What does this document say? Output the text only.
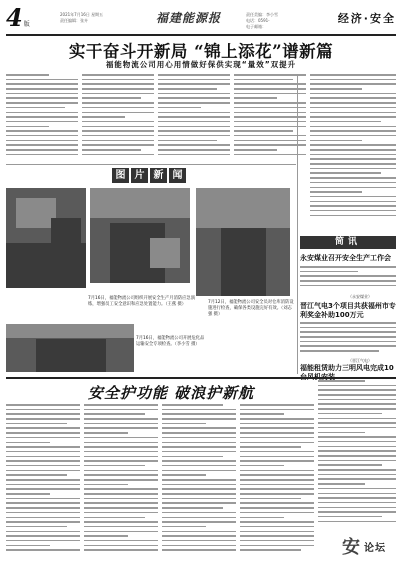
4 版
2021年7月16日 星期五
责任编辑：张卉	福建能源报	责任美编：李小雪
电话：0591-
电子邮箱：
经济·安全
实干奋斗开新局 “锦上添花”谱新篇
福能物流公司用心用情做好保供实现“量效”双提升
图 片 新 闻
7月16日，福能物流公司组织开展安全生产月消防应急演练，增强员工安全意识和应急处置能力。（王燕 摄）
7月16日，福能物流公司开展危化品运输安全专项检查。（李小雪 摄）
7月12日，福能物流公司安全员对仓库消防设施进行检查，确保各类设施完好有效。（刘志强 摄）
简讯
永安煤业召开安全生产工作会
（永安煤业）
晋江气电3个项目共获福州市专利奖金补助100万元
（晋江气电）
福能租赁助力三明风电完成10
安全护功能 破浪护新航
安 论坛
